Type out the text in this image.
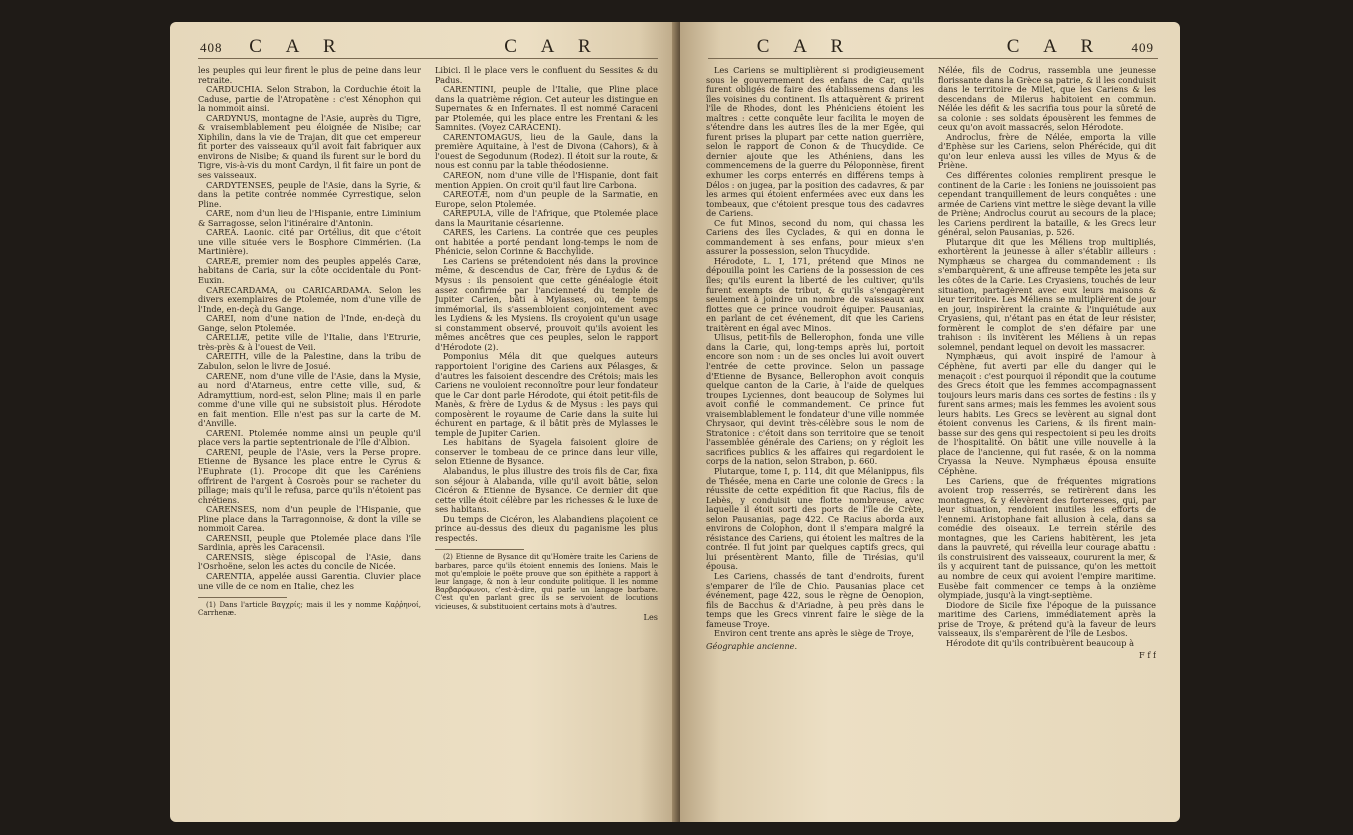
408	C A R	C A R

les peuples qui leur firent le plus de peine dans leur retraite.

CARDUCHIA. Selon Strabon, la Corduchie étoit la Caduse, partie de l'Atropatène : c'est Xénophon qui la nommoit ainsi.

CARDYNUS, montagne de l'Asie, auprès du Tigre, & vraisemblablement peu éloignée de Nisibe; car Xiphilin, dans la vie de Trajan, dit que cet empereur fit porter des vaisseaux qu'il avoit fait fabriquer aux environs de Nisibe; & quand ils furent sur le bord du Tigre, vis-à-vis du mont Cardyn, il fit faire un pont de ses vaisseaux.

CARDYTENSES, peuple de l'Asie, dans la Syrie, & dans la petite contrée nommée Cyrrestique, selon Pline.

CARE, nom d'un lieu de l'Hispanie, entre Liminium & Sarragosse, selon l'itinéraire d'Antonin.

CAREA. Laonic. cité par Ortélius, dit que c'étoit une ville située vers le Bosphore Cimmérien. (La Martinière).

CAREÆ, premier nom des peuples appelés Caræ, habitans de Caria, sur la côte occidentale du Pont-Euxin.

CARECARDAMA, ou CARICARDAMA. Selon les divers exemplaires de Ptolemée, nom d'une ville de l'Inde, en-deçà du Gange.

CAREI, nom d'une nation de l'Inde, en-deçà du Gange, selon Ptolemée.

CARELIÆ, petite ville de l'Italie, dans l'Etrurie, très-près & à l'ouest de Veii.

CAREITH, ville de la Palestine, dans la tribu de Zabulon, selon le livre de Josué.

CARENE, nom d'une ville de l'Asie, dans la Mysie, au nord d'Atarneus, entre cette ville, sud, & Adramyttium, nord-est, selon Pline; mais il en parle comme d'une ville qui ne subsistoit plus. Hérodote en fait mention. Elle n'est pas sur la carte de M. d'Anville.

CARENI. Ptolemée nomme ainsi un peuple qu'il place vers la partie septentrionale de l'île d'Albion.

CARENI, peuple de l'Asie, vers la Perse propre. Etienne de Bysance les place entre le Cyrus & l'Euphrate (1). Procope dit que les Caréniens offrirent de l'argent à Cosroès pour se racheter du pillage; mais qu'il le refusa, parce qu'ils n'étoient pas chrétiens.

CARENSES, nom d'un peuple de l'Hispanie, que Pline place dans la Tarragonnoise, & dont la ville se nommoit Carea.

CARENSII, peuple que Ptolemée place dans l'île Sardinia, après les Caracensii.

CARENSIS, siège épiscopal de l'Asie, dans l'Osrhoëne, selon les actes du concile de Nicée.

CARENTIA, appelée aussi Garentia. Cluvier place une ville de ce nom en Italie, chez les

(1) Dans l'article Βαγχρίς; mais il les y nomme Καῤῥηνοί, Carrhenæ.

Libici. Il le place vers le confluent du Sessites & du Padus.

CARENTINI, peuple de l'Italie, que Pline place dans la quatrième région. Cet auteur les distingue en Supernates & en Infernates. Il est nommé Caraceni par Ptolemée, qui les place entre les Frentani & les Samnites. (Voyez CARACENI).

CARENTOMAGUS, lieu de la Gaule, dans la première Aquitaine, à l'est de Divona (Cahors), & à l'ouest de Segodunum (Rodez). Il étoit sur la route, & nous est connu par la table théodosienne.

CAREON, nom d'une ville de l'Hispanie, dont fait mention Appien. On croit qu'il faut lire Carbona.

CAREOTÆ, nom d'un peuple de la Sarmatie, en Europe, selon Ptolemée.

CAREPULA, ville de l'Afrique, que Ptolemée place dans la Mauritanie césarienne.

CARES, les Cariens. La contrée que ces peuples ont habitée a porté pendant long-temps le nom de Phénicie, selon Corinne & Bacchylide.

Les Cariens se prétendoient nés dans la province même, & descendus de Car, frère de Lydus & de Mysus : ils pensoient que cette généalogie étoit assez confirmée par l'ancienneté du temple de Jupiter Carien, bâti à Mylasses, où, de temps immémorial, ils s'assembloient conjointement avec les Lydiens & les Mysiens. Ils croyoient qu'un usage si constamment observé, prouvoit qu'ils avoient les mêmes ancêtres que ces peuples, selon le rapport d'Hérodote (2).

Pomponius Méla dit que quelques auteurs rapportoient l'origine des Cariens aux Pélasges, & d'autres les faisoient descendre des Crétois; mais les Cariens ne vouloient reconnoître pour leur fondateur que le Car dont parle Hérodote, qui étoit petit-fils de Manès, & frère de Lydus & de Mysus : les pays qui composèrent le royaume de Carie dans la suite lui échurent en partage, & il bâtit près de Mylasses le temple de Jupiter Carien.

Les habitans de Syagela faisoient gloire de conserver le tombeau de ce prince dans leur ville, selon Etienne de Bysance.

Alabandus, le plus illustre des trois fils de Car, fixa son séjour à Alabanda, ville qu'il avoit bâtie, selon Cicéron & Etienne de Bysance. Ce dernier dit que cette ville étoit célèbre par les richesses & le luxe de ses habitans.

Du temps de Cicéron, les Alabandiens plaçoient ce prince au-dessus des dieux du paganisme les plus respectés.

(2) Etienne de Bysance dit qu'Homère traite les Cariens de barbares, parce qu'ils étoient ennemis des Ioniens. Mais le mot qu'emploie le poëte prouve que son épithète a rapport à leur langage, & non à leur conduite politique. Il les nomme Βαρβαρόφωνοι, c'est-à-dire, qui parle un langage barbare. C'est qu'en parlant grec ils se servoient de locutions vicieuses, & substituoient certains mots à d'autres.
Les
C A R	C A R	409

Les Cariens se multiplièrent si prodigieusement sous le gouvernement des enfans de Car, qu'ils furent obligés de faire des établissemens dans les îles voisines du continent. Ils attaquèrent & prirent l'île de Rhodes, dont les Phéniciens étoient les maîtres : cette conquête leur facilita le moyen de s'étendre dans les autres îles de la mer Egée, qui furent prises la plupart par cette nation guerrière, selon le rapport de Conon & de Thucydide. Ce dernier ajoute que les Athéniens, dans les commencemens de la guerre du Péloponnèse, firent exhumer les corps enterrés en différens temps à Délos : on jugea, par la position des cadavres, & par les armes qui étoient enfermées avec eux dans les tombeaux, que c'étoient presque tous des cadavres de Cariens.

Ce fut Minos, second du nom, qui chassa les Cariens des îles Cyclades, & qui en donna le commandement à ses enfans, pour mieux s'en assurer la possession, selon Thucydide.

Hérodote, L. I, 171, prétend que Minos ne dépouilla point les Cariens de la possession de ces îles; qu'ils eurent la liberté de les cultiver, qu'ils furent exempts de tribut, & qu'ils s'engagèrent seulement à joindre un nombre de vaisseaux aux flottes que ce prince voudroit équiper. Pausanias, en parlant de cet événement, dit que les Cariens traitèrent en égal avec Minos.

Ulisus, petit-fils de Bellerophon, fonda une ville dans la Carie, qui, long-temps après lui, portoit encore son nom : un de ses oncles lui avoit ouvert l'entrée de cette province. Selon un passage d'Etienne de Bysance, Bellerophon avoit conquis quelque canton de la Carie, à l'aide de quelques troupes Lyciennes, dont beaucoup de Solymes lui avoit confié le commandement. Ce prince fut vraisemblablement le fondateur d'une ville nommée Chrysaor, qui devint très-célèbre sous le nom de Stratonice : c'étoit dans son territoire que se tenoit l'assemblée générale des Cariens; on y régloit les sacrifices publics & les affaires qui regardoient le corps de la nation, selon Strabon, p. 660.

Plutarque, tome I, p. 114, dit que Mélanippus, fils de Thésée, mena en Carie une colonie de Grecs : la réussite de cette expédition fit que Racius, fils de Lebès, y conduisit une flotte nombreuse, avec laquelle il étoit sorti des ports de l'île de Crète, selon Pausanias, page 422. Ce Racius aborda aux environs de Colophon, dont il s'empara malgré la résistance des Cariens, qui étoient les maîtres de la contrée. Il fut joint par quelques captifs grecs, qui lui présentèrent Manto, fille de Tirésias, qu'il épousa.

Les Cariens, chassés de tant d'endroits, furent s'emparer de l'île de Chio. Pausanias place cet événement, page 422, sous le règne de Oenopion, fils de Bacchus & d'Ariadne, à peu près dans le temps que les Grecs vinrent faire le siège de la fameuse Troye.

Environ cent trente ans après le siège de Troye,

Géographie ancienne.

Nélée, fils de Codrus, rassembla une jeunesse florissante dans la Grèce sa patrie, & il les conduisit dans le territoire de Milet, que les Cariens & les descendans de Milerus habitoient en commun. Nélée les défit & les sacrifia tous pour la sûreté de sa colonie : ses soldats épousèrent les femmes de ceux qu'on avoit massacrés, selon Hérodote.

Androclus, frère de Nélée, emporta la ville d'Ephèse sur les Cariens, selon Phérécide, qui dit qu'on leur enleva aussi les villes de Myus & de Priène.

Ces différentes colonies remplirent presque le continent de la Carie : les Ioniens ne jouissoient pas cependant tranquillement de leurs conquêtes : une armée de Cariens vint mettre le siège devant la ville de Priène; Androclus courut au secours de la place; les Cariens perdirent la bataille, & les Grecs leur général, selon Pausanias, p. 526.

Plutarque dit que les Méliens trop multipliés, exhortèrent la jeunesse à aller s'établir ailleurs : Nymphæus se chargea du commandement : ils s'embarquèrent, & une affreuse tempête les jeta sur les côtes de la Carie. Les Cryasiens, touchés de leur situation, partagèrent avec eux leurs maisons & leur territoire. Les Méliens se multiplièrent de jour en jour, inspirèrent la crainte & l'inquiétude aux Cryasiens, qui, n'étant pas en état de leur résister, formèrent le complot de s'en défaire par une trahison : ils invitèrent les Méliens à un repas solemnel, pendant lequel on devoit les massacrer.

Nymphæus, qui avoit inspiré de l'amour à Céphène, fut averti par elle du danger qui le menaçoit : c'est pourquoi il répondit que la coutume des Grecs étoit que les femmes accompagnassent toujours leurs maris dans ces sortes de festins : ils y furent sans armes; mais les femmes les avoient sous leurs habits. Les Grecs se levèrent au signal dont étoient convenus les Cariens, & ils firent main-basse sur des gens qui respectoient si peu les droits de l'hospitalité. On bâtit une ville nouvelle à la place de l'ancienne, qui fut rasée, & on la nomma Cryassa la Neuve. Nymphæus épousa ensuite Céphène.

Les Cariens, que de fréquentes migrations avoient trop resserrés, se retirèrent dans les montagnes, & y élevèrent des forteresses, qui, par leur situation, rendoient inutiles les efforts de l'ennemi. Aristophane fait allusion à cela, dans sa comédie des oiseaux. Le terrein stérile des montagnes, que les Cariens habitèrent, les jeta dans la pauvreté, qui réveilla leur courage abattu : ils construisirent des vaisseaux, coururent la mer, & ils y acquirent tant de puissance, qu'on les mettoit au nombre de ceux qui avoient l'empire maritime. Eusèbe fait commencer ce temps à la onzième olympiade, jusqu'à la vingt-septième.

Diodore de Sicile fixe l'époque de la puissance maritime des Cariens, immédiatement après la prise de Troye, & prétend qu'à la faveur de leurs vaisseaux, ils s'emparèrent de l'île de Lesbos.

Hérodote dit qu'ils contribuèrent beaucoup à

F f f
